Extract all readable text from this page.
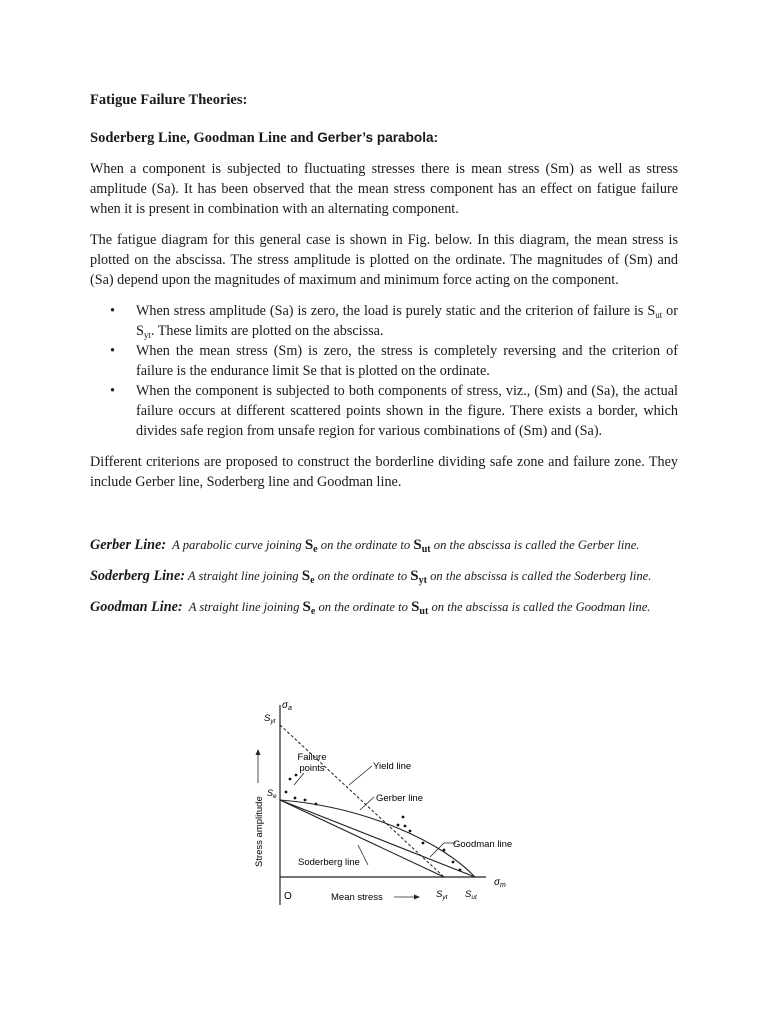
Fatigue Failure Theories:
Soderberg Line, Goodman Line and Gerber’s parabola:

When a component is subjected to fluctuating stresses there is mean stress (Sm) as well as stress amplitude (Sa). It has been observed that the mean stress component has an effect on fatigue failure when it is present in combination with an alternating component.

The fatigue diagram for this general case is shown in Fig. below. In this diagram, the mean stress is plotted on the abscissa. The stress amplitude is plotted on the ordinate. The magnitudes of (Sm) and (Sa) depend upon the magnitudes of maximum and minimum force acting on the component.

• When stress amplitude (Sa) is zero, the load is purely static and the criterion of failure is $S_{ut}$ or $S_{yt}$. These limits are plotted on the abscissa.
• When the mean stress (Sm) is zero, the stress is completely reversing and the criterion of failure is the endurance limit Se that is plotted on the ordinate.
• When the component is subjected to both components of stress, viz., (Sm) and (Sa), the actual failure occurs at different scattered points shown in the figure. There exists a border, which divides safe region from unsafe region for various combinations of (Sm) and (Sa).

Different criterions are proposed to construct the borderline dividing safe zone and failure zone. They include Gerber line, Soderberg line and Goodman line.

Gerber Line: A parabolic curve joining $S_e$ on the ordinate to $S_{ut}$ on the abscissa is called the Gerber line.

Soderberg Line: A straight line joining $S_e$ on the ordinate to $S_{yt}$ on the abscissa is called the Soderberg line.

Goodman Line: A straight line joining $S_e$ on the ordinate to $S_{ut}$ on the abscissa is called the Goodman line.

$\sigma_a$
$S_{yt}$
$S_e$
Failure
points	Yield line
Gerber line
Goodman line
Soderberg line
Stress amplitude
O	Mean stress	$S_{yt}$ $S_{ut}$
$\sigma_m$
